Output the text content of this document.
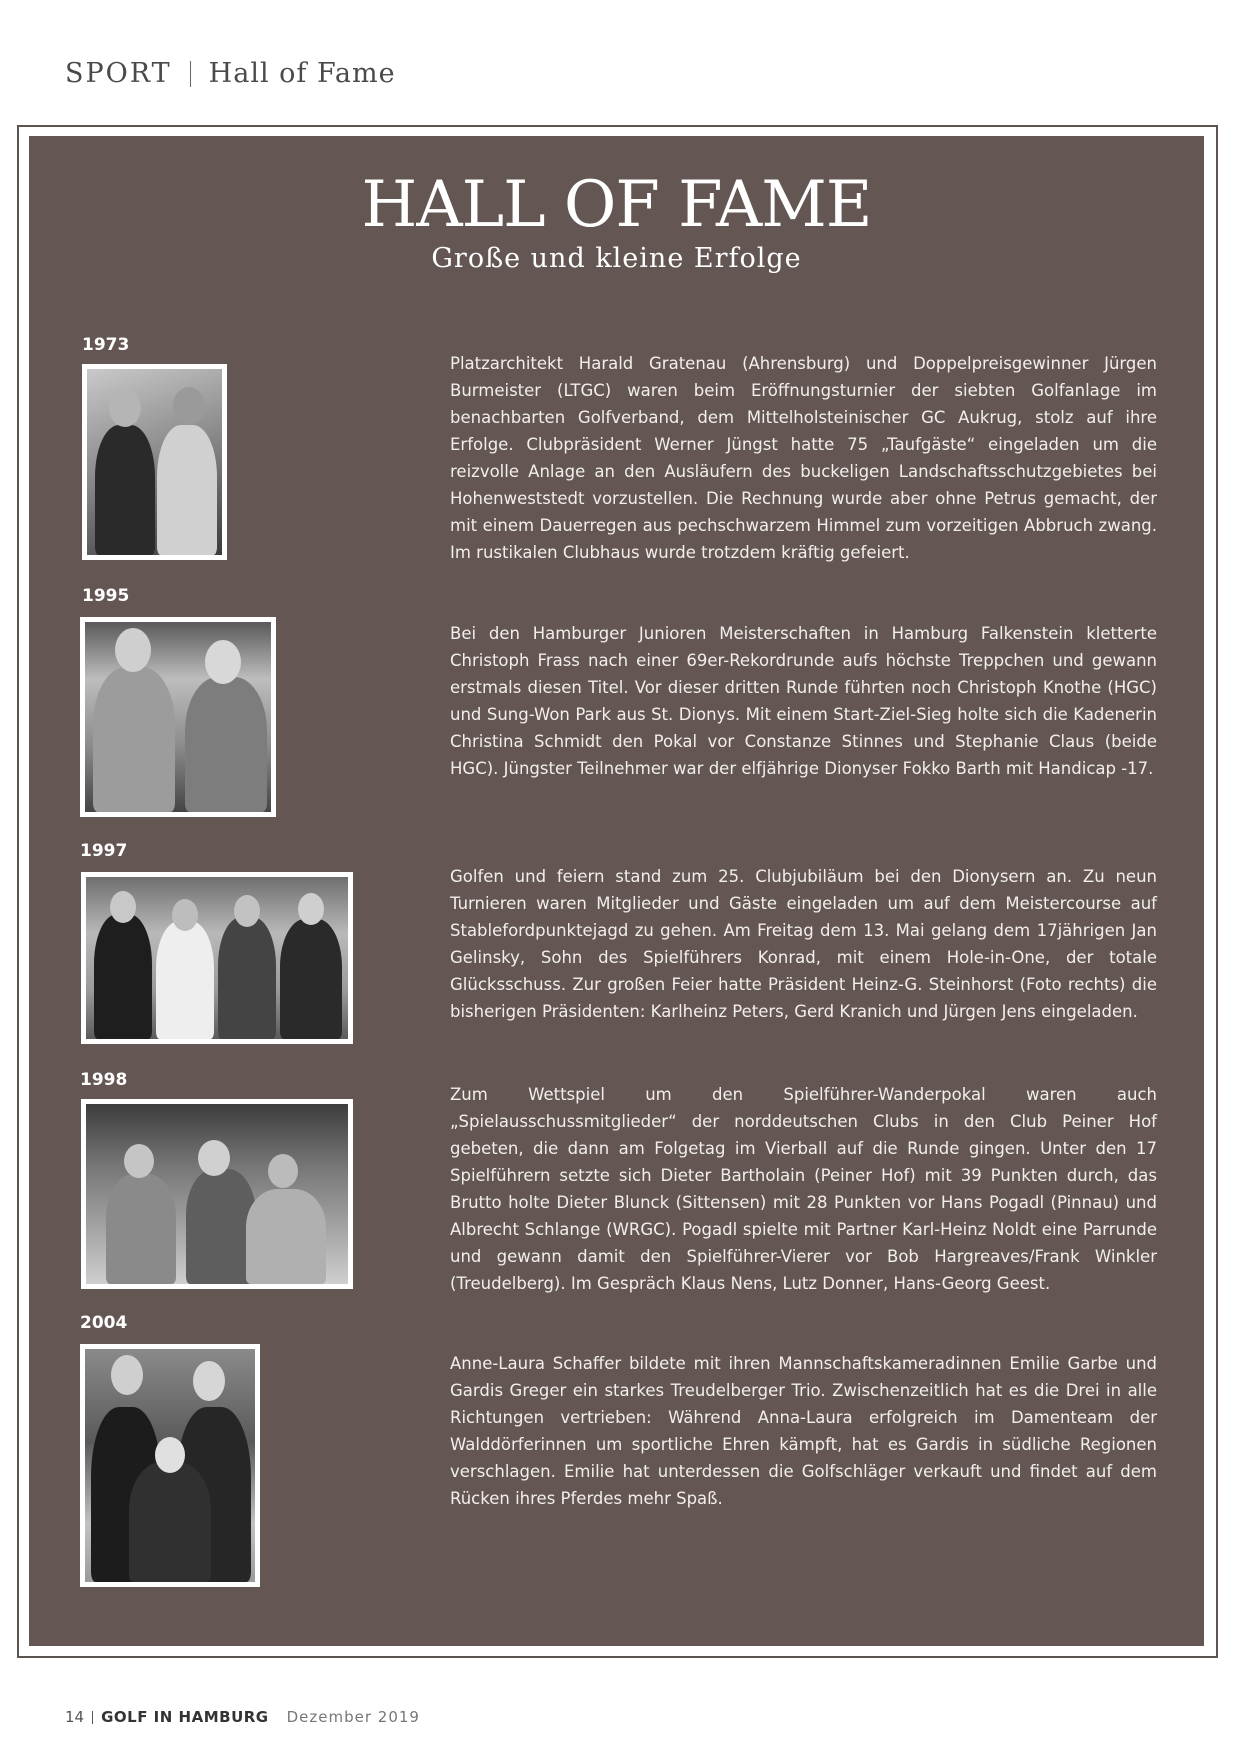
SPORT Hall of Fame
HALL OF FAME
Große und kleine Erfolge
1973

Platzarchitekt Harald Gratenau (Ahrensburg) und Doppelpreisgewinner Jürgen Burmeister (LTGC) waren beim Eröffnungsturnier der siebten Golfanlage im benachbarten Golfverband, dem Mittelholsteinischer GC Aukrug, stolz auf ihre Erfolge. Clubpräsident Werner Jüngst hatte 75 „Taufgäste“ eingeladen um die reizvolle Anlage an den Ausläufern des buckeligen Landschaftsschutzgebietes bei Hohenweststedt vorzustellen. Die Rechnung wurde aber ohne Petrus gemacht, der mit einem Dauerregen aus pechschwarzem Himmel zum vorzeitigen Abbruch zwang. Im rustikalen Clubhaus wurde trotzdem kräftig gefeiert.

1995

Bei den Hamburger Junioren Meisterschaften in Hamburg Falkenstein kletterte Christoph Frass nach einer 69er-Rekordrunde aufs höchste Treppchen und gewann erstmals diesen Titel. Vor dieser dritten Runde führten noch Christoph Knothe (HGC) und Sung-Won Park aus St. Dionys. Mit einem Start-Ziel-Sieg holte sich die Kadenerin Christina Schmidt den Pokal vor Constanze Stinnes und Stephanie Claus (beide HGC). Jüngster Teilnehmer war der elfjährige Dionyser Fokko Barth mit Handicap -17.

1997

Golfen und feiern stand zum 25. Clubjubiläum bei den Dionysern an. Zu neun Turnieren waren Mitglieder und Gäste eingeladen um auf dem Meistercourse auf Stablefordpunktejagd zu gehen. Am Freitag dem 13. Mai gelang dem 17jährigen Jan Gelinsky, Sohn des Spielführers Konrad, mit einem Hole-in-One, der totale Glücksschuss. Zur großen Feier hatte Präsident Heinz-G. Steinhorst (Foto rechts) die bisherigen Präsidenten: Karlheinz Peters, Gerd Kranich und Jürgen Jens eingeladen.

1998

Zum Wettspiel um den Spielführer-Wanderpokal waren auch „Spielausschussmitglieder“ der norddeutschen Clubs in den Club Peiner Hof gebeten, die dann am Folgetag im Vierball auf die Runde gingen. Unter den 17 Spielführern setzte sich Dieter Bartholain (Peiner Hof) mit 39 Punkten durch, das Brutto holte Dieter Blunck (Sittensen) mit 28 Punkten vor Hans Pogadl (Pinnau) und Albrecht Schlange (WRGC). Pogadl spielte mit Partner Karl-Heinz Noldt eine Parrunde und gewann damit den Spielführer-Vierer vor Bob Hargreaves/Frank Winkler (Treudelberg). Im Gespräch Klaus Nens, Lutz Donner, Hans-Georg Geest.

2004

Anne-Laura Schaffer bildete mit ihren Mannschaftskameradinnen Emilie Garbe und Gardis Greger ein starkes Treudelberger Trio. Zwischenzeitlich hat es die Drei in alle Richtungen vertrieben: Während Anna-Laura erfolgreich im Damenteam der Walddörferinnen um sportliche Ehren kämpft, hat es Gardis in südliche Regionen verschlagen. Emilie hat unterdessen die Golfschläger verkauft und findet auf dem Rücken ihres Pferdes mehr Spaß.

14 GOLF IN HAMBURG Dezember 2019
